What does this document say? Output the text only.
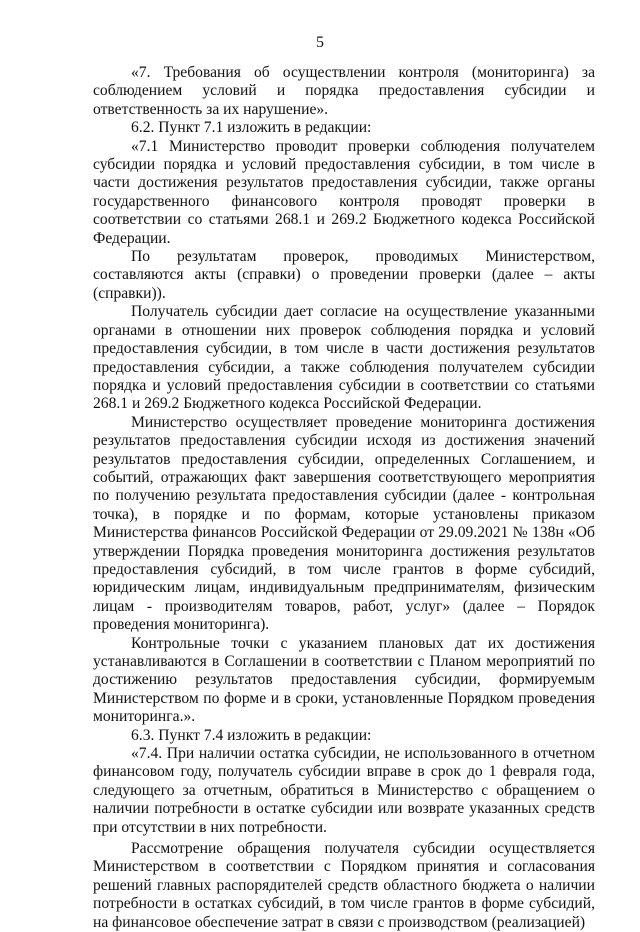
5

«7. Требования об осуществлении контроля (мониторинга) за соблюдением условий и порядка предоставления субсидии и ответственность за их нарушение».

6.2. Пункт 7.1 изложить в редакции:

«7.1 Министерство проводит проверки соблюдения получателем субсидии порядка и условий предоставления субсидии, в том числе в части достижения результатов предоставления субсидии, также органы государственного финансового контроля проводят проверки в соответствии со статьями 268.1 и 269.2 Бюджетного кодекса Российской Федерации.

По результатам проверок, проводимых Министерством, составляются акты (справки) о проведении проверки (далее – акты (справки)).

Получатель субсидии дает согласие на осуществление указанными органами в отношении них проверок соблюдения порядка и условий предоставления субсидии, в том числе в части достижения результатов предоставления субсидии, а также соблюдения получателем субсидии порядка и условий предоставления субсидии в соответствии со статьями 268.1 и 269.2 Бюджетного кодекса Российской Федерации.

Министерство осуществляет проведение мониторинга достижения результатов предоставления субсидии исходя из достижения значений результатов предоставления субсидии, определенных Соглашением, и событий, отражающих факт завершения соответствующего мероприятия по получению результата предоставления субсидии (далее - контрольная точка), в порядке и по формам, которые установлены приказом Министерства финансов Российской Федерации от 29.09.2021 № 138н «Об утверждении Порядка проведения мониторинга достижения результатов предоставления субсидий, в том числе грантов в форме субсидий, юридическим лицам, индивидуальным предпринимателям, физическим лицам - производителям товаров, работ, услуг» (далее – Порядок проведения мониторинга).

Контрольные точки с указанием плановых дат их достижения устанавливаются в Соглашении в соответствии с Планом мероприятий по достижению результатов предоставления субсидии, формируемым Министерством по форме и в сроки, установленные Порядком проведения мониторинга.».

6.3. Пункт 7.4 изложить в редакции:

«7.4. При наличии остатка субсидии, не использованного в отчетном финансовом году, получатель субсидии вправе в срок до 1 февраля года, следующего за отчетным, обратиться в Министерство с обращением о наличии потребности в остатке субсидии или возврате указанных средств при отсутствии в них потребности.

Рассмотрение обращения получателя субсидии осуществляется Министерством в соответствии с Порядком принятия и согласования решений главных распорядителей средств областного бюджета о наличии потребности в остатках субсидий, в том числе грантов в форме субсидий, на финансовое обеспечение затрат в связи с производством (реализацией)
